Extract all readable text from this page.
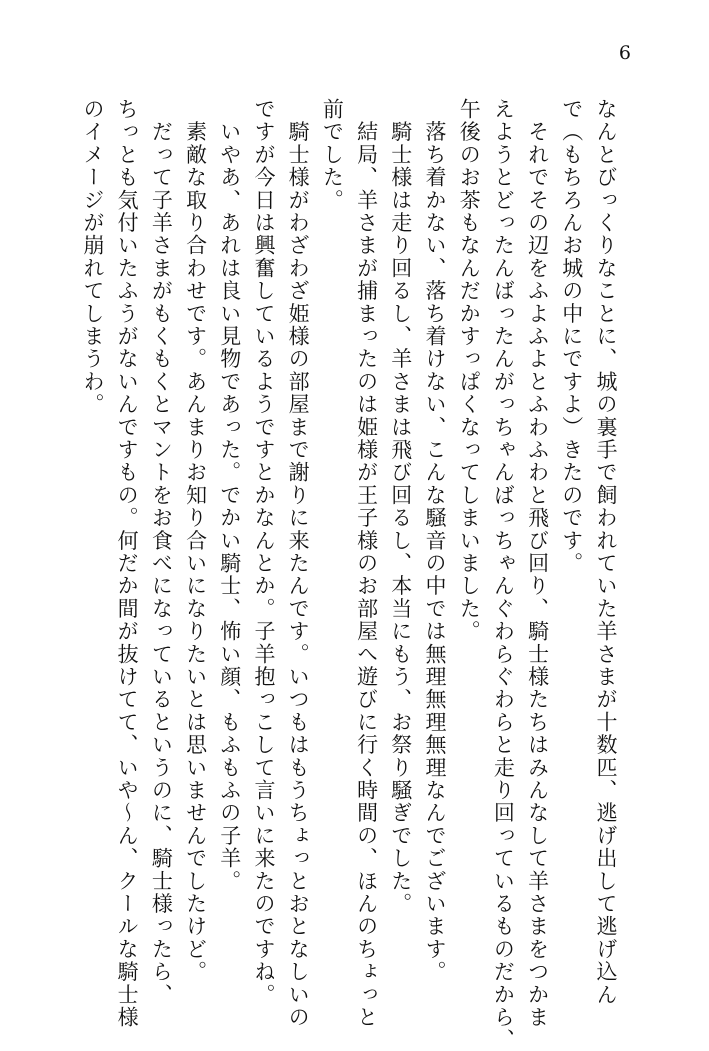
6

なんとびっくりなことに、城の裏手で飼われていた羊さまが十数匹、逃げ出して逃げ込ん

で（もちろんお城の中にですよ）きたのです。

　それでその辺をふよふよとふわふわと飛び回り、騎士様たちはみんなして羊さまをつかま

えようとどったんばったんがっちゃんばっちゃんぐわらぐわらと走り回っているものだから、

午後のお茶もなんだかすっぱくなってしまいました。

　落ち着かない、落ち着けない、こんな騒音の中では無理無理無理なんでございます。

　騎士様は走り回るし、羊さまは飛び回るし、本当にもう、お祭り騒ぎでした。

　結局、羊さまが捕まったのは姫様が王子様のお部屋へ遊びに行く時間の、ほんのちょっと

前でした。

　騎士様がわざわざ姫様の部屋まで謝りに来たんです。いつもはもうちょっとおとなしいの

ですが今日は興奮しているようですとかなんとか。子羊抱っこして言いに来たのですね。

　いやあ、あれは良い見物であった。でかい騎士、怖い顔、もふもふの子羊。

　素敵な取り合わせです。あんまりお知り合いになりたいとは思いませんでしたけど。

　だって子羊さまがもくもくとマントをお食べになっているというのに、騎士様ったら、

ちっとも気付いたふうがないんですもの。何だか間が抜けてて、いや〜ん、クールな騎士様

のイメージが崩れてしまうわ。
